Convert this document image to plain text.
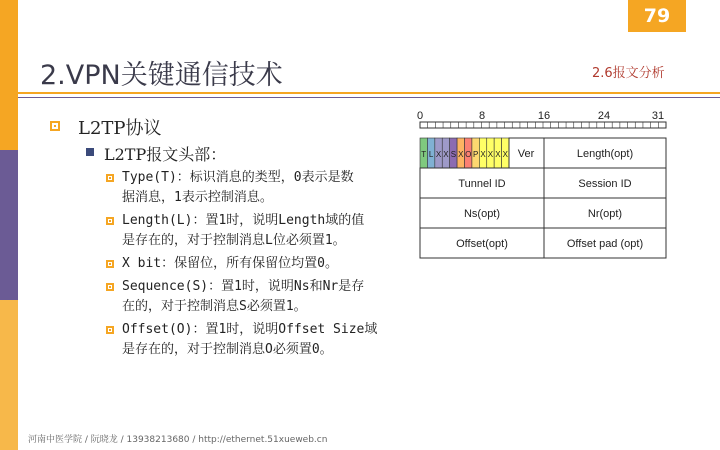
79
2.VPN关键通信技术	2.6报文分析
L2TP协议
L2TP报文头部：
Type(T)：标识消息的类型，0表示是数
据消息，1表示控制消息。
Length(L)：置1时，说明Length域的值
是存在的，对于控制消息L位必须置1。
X bit：保留位，所有保留位均置0。
Sequence(S)：置1时，说明Ns和Nr是存
在的，对于控制消息S必须置1。
Offset(O)：置1时，说明Offset Size域
是存在的，对于控制消息O必须置0。
0	8	16	24	31
T L X X S X O P X X X X Ver	Length(opt)
Tunnel ID	Session ID
Ns(opt)	Nr(opt)
Offset(opt)	Offset pad (opt)
河南中医学院 / 阮晓龙 / 13938213680 / http://ethernet.51xueweb.cn
